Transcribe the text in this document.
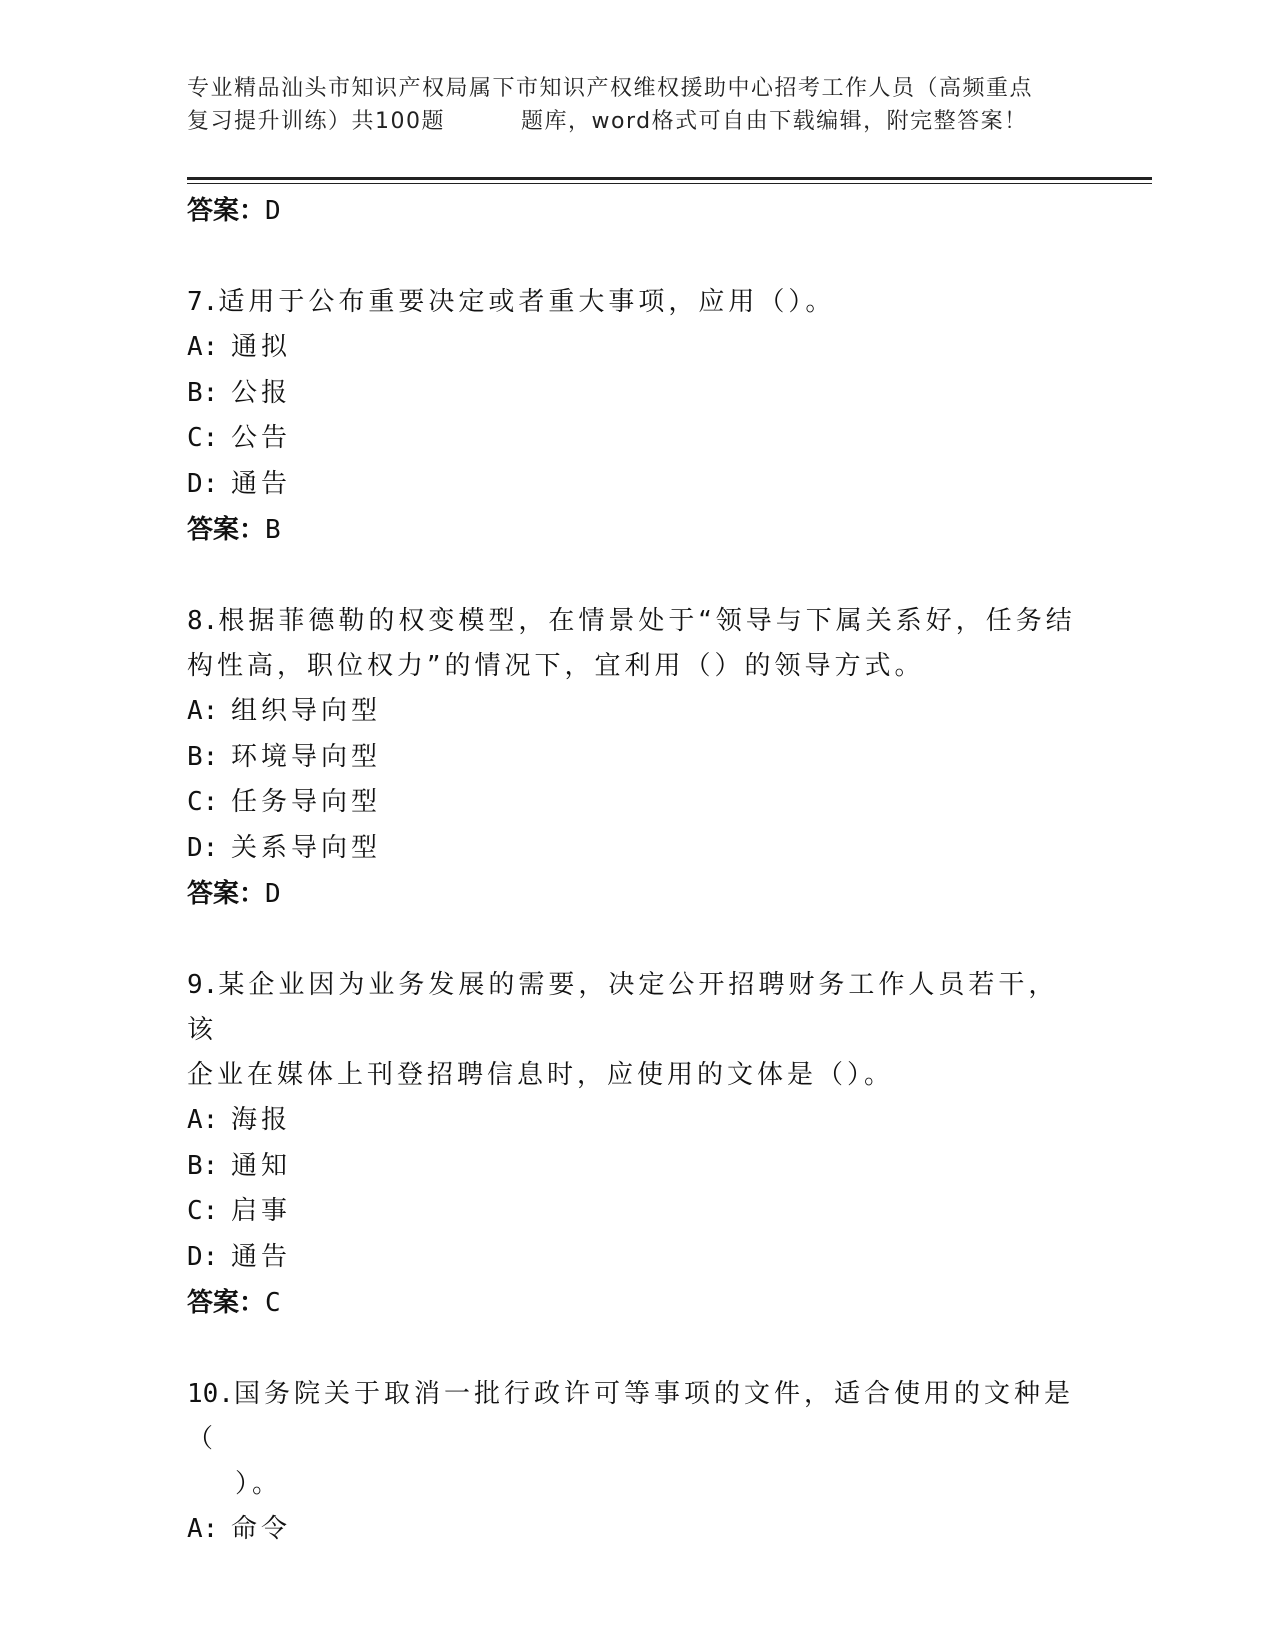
专业精品汕头市知识产权局属下市知识产权维权援助中心招考工作人员（高频重点
复习提升训练）共100题	题库，word格式可自由下载编辑，附完整答案！
答案：D
7.适用于公布重要决定或者重大事项，应用（）。
A: 通拟
B: 公报
C: 公告
D: 通告
答案：B
8.根据菲德勒的权变模型，在情景处于“领导与下属关系好，任务结
构性高，职位权力”的情况下，宜利用（）的领导方式。
A: 组织导向型
B: 环境导向型
C: 任务导向型
D: 关系导向型
答案：D
9.某企业因为业务发展的需要，决定公开招聘财务工作人员若干，该
企业在媒体上刊登招聘信息时，应使用的文体是（）。
A: 海报
B: 通知
C: 启事
D: 通告
答案：C
10.国务院关于取消一批行政许可等事项的文件，适合使用的文种是（
）。
A: 命令
